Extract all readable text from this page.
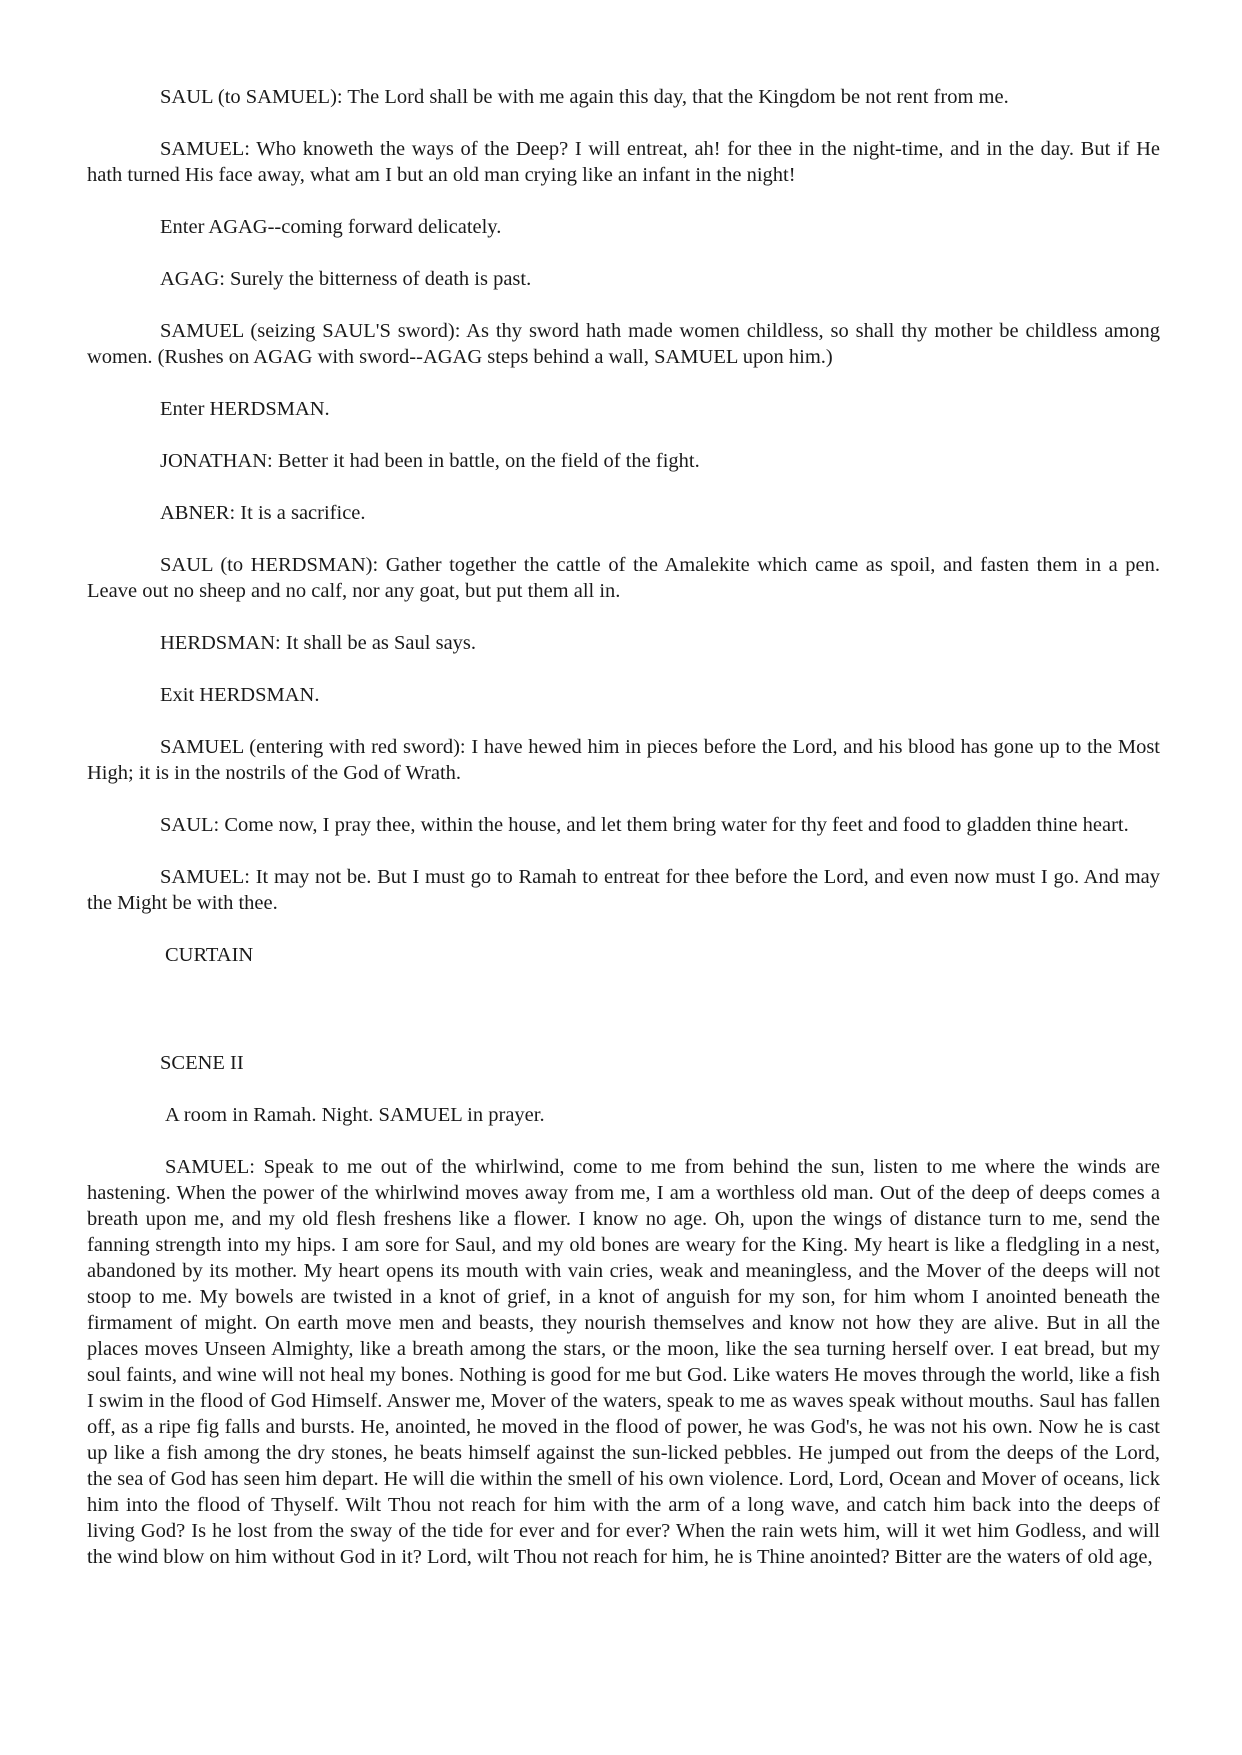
SAUL (to SAMUEL): The Lord shall be with me again this day, that the Kingdom be not rent from me.

SAMUEL: Who knoweth the ways of the Deep? I will entreat, ah! for thee in the night-time, and in the day. But if He hath turned His face away, what am I but an old man crying like an infant in the night!

Enter AGAG--coming forward delicately.

AGAG: Surely the bitterness of death is past.

SAMUEL (seizing SAUL'S sword): As thy sword hath made women childless, so shall thy mother be childless among women. (Rushes on AGAG with sword--AGAG steps behind a wall, SAMUEL upon him.)

Enter HERDSMAN.

JONATHAN: Better it had been in battle, on the field of the fight.

ABNER: It is a sacrifice.

SAUL (to HERDSMAN): Gather together the cattle of the Amalekite which came as spoil, and fasten them in a pen. Leave out no sheep and no calf, nor any goat, but put them all in.

HERDSMAN: It shall be as Saul says.

Exit HERDSMAN.

SAMUEL (entering with red sword): I have hewed him in pieces before the Lord, and his blood has gone up to the Most High; it is in the nostrils of the God of Wrath.

SAUL: Come now, I pray thee, within the house, and let them bring water for thy feet and food to gladden thine heart.

SAMUEL: It may not be. But I must go to Ramah to entreat for thee before the Lord, and even now must I go. And may the Might be with thee.

CURTAIN

SCENE II

A room in Ramah. Night. SAMUEL in prayer.

SAMUEL: Speak to me out of the whirlwind, come to me from behind the sun, listen to me where the winds are hastening. When the power of the whirlwind moves away from me, I am a worthless old man. Out of the deep of deeps comes a breath upon me, and my old flesh freshens like a flower. I know no age. Oh, upon the wings of distance turn to me, send the fanning strength into my hips. I am sore for Saul, and my old bones are weary for the King. My heart is like a fledgling in a nest, abandoned by its mother. My heart opens its mouth with vain cries, weak and meaningless, and the Mover of the deeps will not stoop to me. My bowels are twisted in a knot of grief, in a knot of anguish for my son, for him whom I anointed beneath the firmament of might. On earth move men and beasts, they nourish themselves and know not how they are alive. But in all the places moves Unseen Almighty, like a breath among the stars, or the moon, like the sea turning herself over. I eat bread, but my soul faints, and wine will not heal my bones. Nothing is good for me but God. Like waters He moves through the world, like a fish I swim in the flood of God Himself. Answer me, Mover of the waters, speak to me as waves speak without mouths. Saul has fallen off, as a ripe fig falls and bursts. He, anointed, he moved in the flood of power, he was God's, he was not his own. Now he is cast up like a fish among the dry stones, he beats himself against the sun-licked pebbles. He jumped out from the deeps of the Lord, the sea of God has seen him depart. He will die within the smell of his own violence. Lord, Lord, Ocean and Mover of oceans, lick him into the flood of Thyself. Wilt Thou not reach for him with the arm of a long wave, and catch him back into the deeps of living God? Is he lost from the sway of the tide for ever and for ever? When the rain wets him, will it wet him Godless, and will the wind blow on him without God in it? Lord, wilt Thou not reach for him, he is Thine anointed? Bitter are the waters of old age,
